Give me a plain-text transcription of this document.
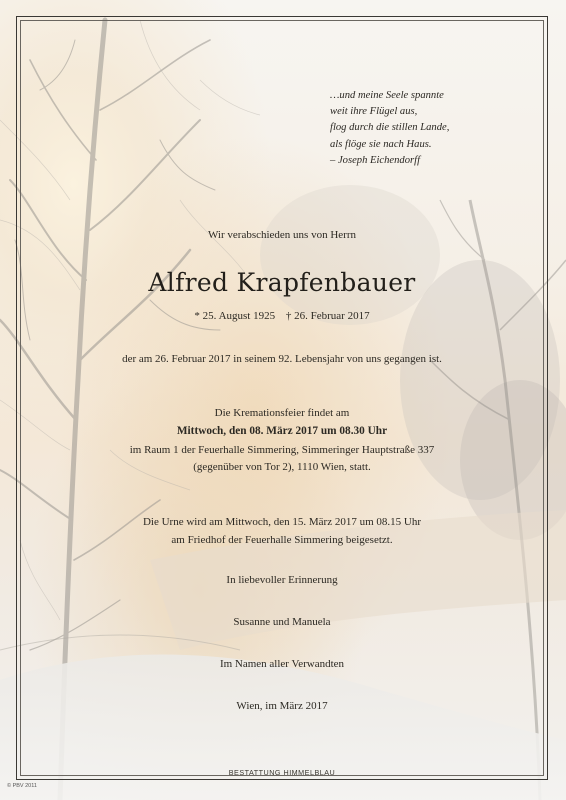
…und meine Seele spannte
weit ihre Flügel aus,
flog durch die stillen Lande,
als flöge sie nach Haus.
– Joseph Eichendorff
Wir verabschieden uns von Herrn
Alfred Krapfenbauer
* 25. August 1925 † 26. Februar 2017
der am 26. Februar 2017 in seinem 92. Lebensjahr von uns gegangen ist.
Die Kremationsfeier findet am
Mittwoch, den 08. März 2017 um 08.30 Uhr
im Raum 1 der Feuerhalle Simmering, Simmeringer Hauptstraße 337
(gegenüber von Tor 2), 1110 Wien, statt.
Die Urne wird am Mittwoch, den 15. März 2017 um 08.15 Uhr
am Friedhof der Feuerhalle Simmering beigesetzt.
In liebevoller Erinnerung
Susanne und Manuela
Im Namen aller Verwandten
Wien, im März 2017
BESTATTUNG HIMMELBLAU
© PBV 2011
